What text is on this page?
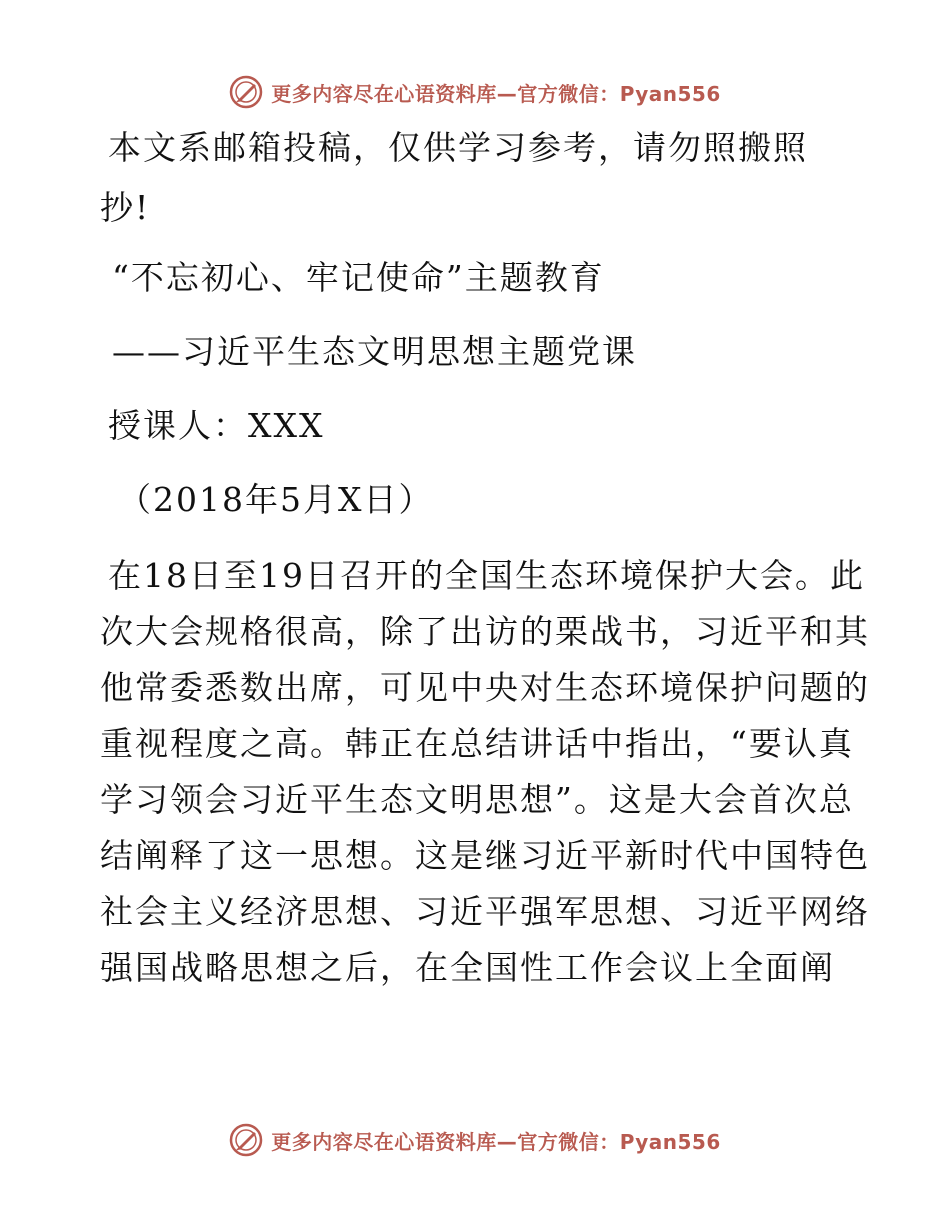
更多内容尽在心语资料库—官方微信：Pyan556
本文系邮箱投稿，仅供学习参考，请勿照搬照
抄!
“不忘初心、牢记使命”主题教育
——习近平生态文明思想主题党课
授课人：XXX
（2018年5月X日）
在18日至19日召开的全国生态环境保护大会。此
次大会规格很高，除了出访的栗战书，习近平和其
他常委悉数出席，可见中央对生态环境保护问题的
重视程度之高。韩正在总结讲话中指出，“要认真
学习领会习近平生态文明思想”。这是大会首次总
结阐释了这一思想。这是继习近平新时代中国特色
社会主义经济思想、习近平强军思想、习近平网络
强国战略思想之后，在全国性工作会议上全面阐
更多内容尽在心语资料库—官方微信：Pyan556
